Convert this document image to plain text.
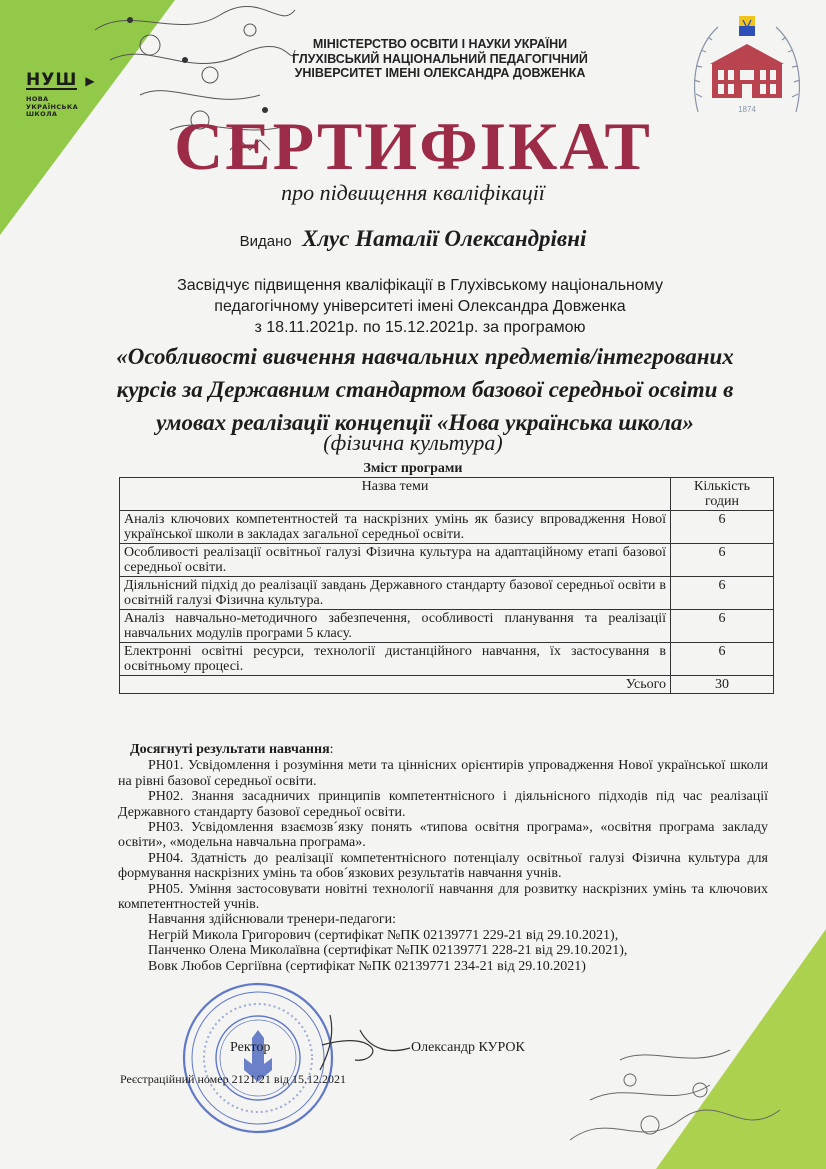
НУШ ▶
НОВА
УКРАЇНСЬКА
ШКОЛА
МІНІСТЕРСТВО ОСВІТИ І НАУКИ УКРАЇНИ
ГЛУХІВСЬКИЙ НАЦІОНАЛЬНИЙ ПЕДАГОГІЧНИЙ
УНІВЕРСИТЕТ ІМЕНІ ОЛЕКСАНДРА ДОВЖЕНКА
1874
СЕРТИФІКАТ
про підвищення кваліфікації
Видано Хлус Наталії Олександрівні
Засвідчує підвищення кваліфікації в Глухівському національному
педагогічному університеті імені Олександра Довженка
з 18.11.2021р. по 15.12.2021р. за програмою
«Особливості вивчення навчальних предметів/інтегрованих
курсів за Державним стандартом базової середньої освіти в
умовах реалізації концепції «Нова українська школа»
(фізична культура)
Зміст програми
Назва теми	Кількість
годин
Аналіз ключових компетентностей та наскрізних умінь як базису впровадження Нової української школи в закладах загальної середньої освіти.	6
Особливості реалізації освітньої галузі Фізична культура на адаптаційному етапі базової середньої освіти.	6
Діяльнісний підхід до реалізації завдань Державного стандарту базової середньої освіти в освітній галузі Фізична культура.	6
Аналіз навчально-методичного забезпечення, особливості планування та реалізації навчальних модулів програми 5 класу.	6
Електронні освітні ресурси, технології дистанційного навчання, їх застосування в освітньому процесі.	6
Усього	30

Досягнуті результати навчання:

РН01. Усвідомлення і розуміння мети та ціннісних орієнтирів упровадження Нової української школи на рівні базової середньої освіти.

РН02. Знання засадничих принципів компетентнісного і діяльнісного підходів під час реалізації Державного стандарту базової середньої освіти.

РН03. Усвідомлення взаємозв´язку понять «типова освітня програма», «освітня програма закладу освіти», «модельна навчальна програма».

РН04. Здатність до реалізації компетентнісного потенціалу освітньої галузі Фізична культура для формування наскрізних умінь та обов´язкових результатів навчання учнів.

РН05. Уміння застосовувати новітні технології навчання для розвитку наскрізних умінь та ключових компетентностей учнів.

Навчання здійснювали тренери-педагоги:

Негрій Микола Григорович (сертифікат №ПК 02139771 229-21 від 29.10.2021),

Панченко Олена Миколаївна (сертифікат №ПК 02139771 228-21 від 29.10.2021),

Вовк Любов Сергіївна (сертифікат №ПК 02139771 234-21 від 29.10.2021)

Ректор	Олександр КУРОК
Реєстраційний номер 2121/21 від 15.12.2021
